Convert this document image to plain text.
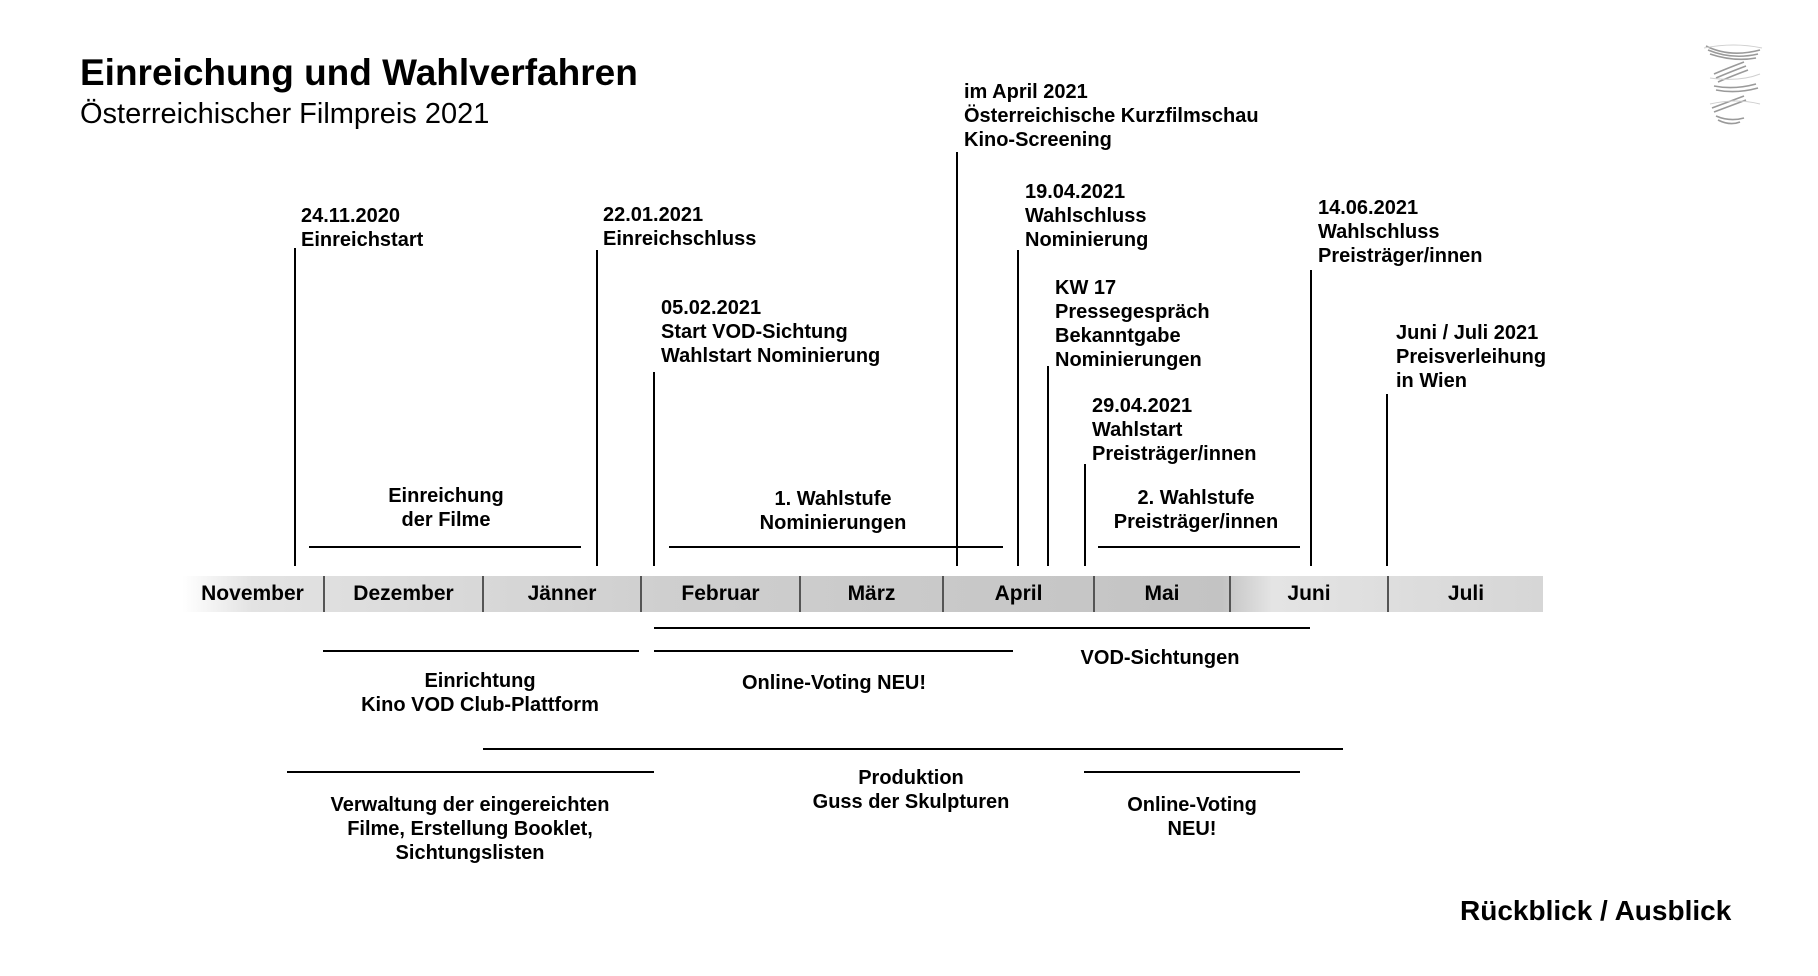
Einreichung und Wahlverfahren
Österreichischer Filmpreis 2021
24.11.2020
Einreichstart
22.01.2021
Einreichschluss
05.02.2021
Start VOD-Sichtung
Wahlstart Nominierung
im April 2021
Österreichische Kurzfilmschau
Kino-Screening
19.04.2021
Wahlschluss
Nominierung
KW 17
Pressegespräch
Bekanntgabe
Nominierungen
29.04.2021
Wahlstart
Preisträger/innen
14.06.2021
Wahlschluss
Preisträger/innen
Juni / Juli 2021
Preisverleihung
in Wien
Einreichung
der Filme
1. Wahlstufe
Nominierungen
2. Wahlstufe
Preisträger/innen
November	Dezember	Jänner	Februar	März	April	Mai	Juni	Juli
VOD-Sichtungen
Einrichtung
Kino VOD Club-Plattform
Online-Voting NEU!
Produktion
Guss der Skulpturen
Verwaltung der eingereichten
Filme, Erstellung Booklet,
Sichtungslisten
Online-Voting
NEU!
Rückblick / Ausblick
